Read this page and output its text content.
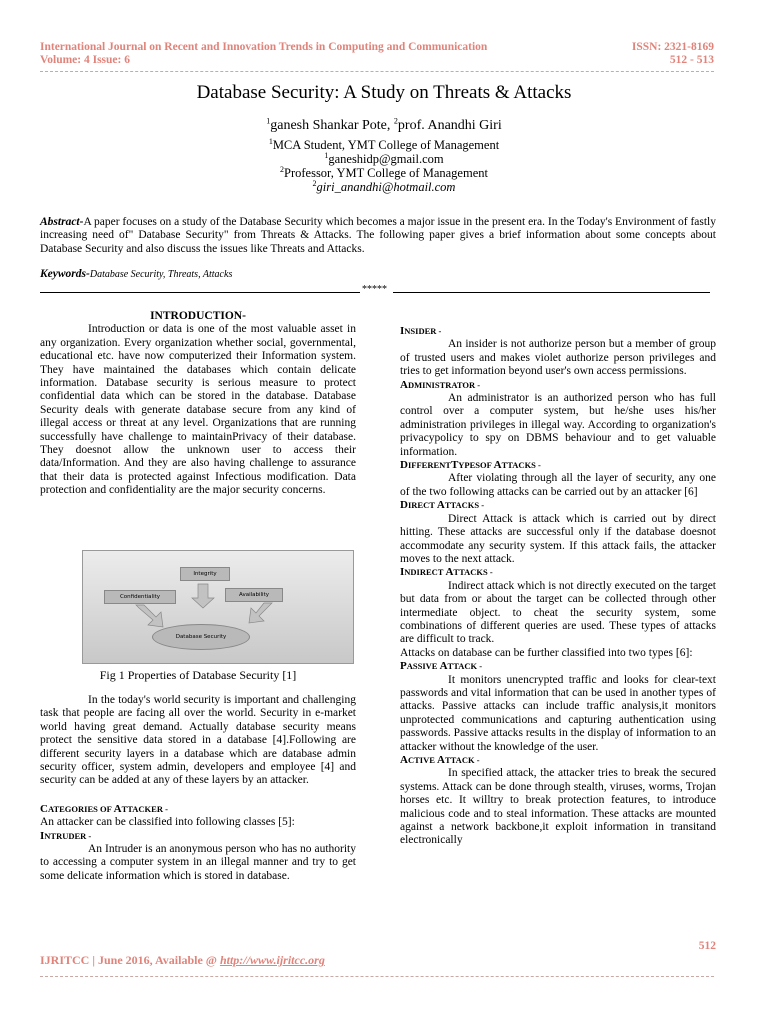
International Journal on Recent and Innovation Trends in Computing and Communication	ISSN: 2321-8169
Volume: 4 Issue: 6	512 - 513
Database Security: A Study on Threats & Attacks
$^1$ganesh Shankar Pote, $^2$prof. Anandhi Giri
$^1$MCA Student, YMT College of Management
$^1$ganeshidp@gmail.com
$^2$Professor, YMT College of Management
$^2$giri_anandhi@hotmail.com
Abstract-A paper focuses on a study of the Database Security which becomes a major issue in the present era. In the Today's Environment of fastly increasing need of" Database Security" from Threats & Attacks. The following paper gives a brief information about some concepts about Database Security and also discuss the issues like Threats and Attacks.
Keywords-Database Security, Threats, Attacks
*****

INTRODUCTION-

Introduction or data is one of the most valuable asset in any organization. Every organization whether social, governmental, educational etc. have now computerized their Information system. They have maintained the databases which contain delicate information. Database security is serious measure to protect confidential data which can be stored in the database. Database Security deals with generate database secure from any kind of illegal access or threat at any level. Organizations that are running successfully have challenge to maintainPrivacy of their database. They doesnot allow the unknown user to access their data/Information. And they are also having challenge to assurance that their data is protected against Infectious modification. Data protection and confidentiality are the major security concerns.

Integrity
Confidentiality	Availability
Database Security
Fig 1 Properties of Database Security [1]

In the today's world security is important and challenging task that people are facing all over the world. Security in e-market world having great demand. Actually database security means protect the sensitive data stored in a database [4].Following are different security layers in a database which are database admin security officer, system admin, developers and employee [4] and security can be added at any of these layers by an attacker.

CATEGORIES OF ATTACKER -

An attacker can be classified into following classes [5]:

INTRUDER -

An Intruder is an anonymous person who has no authority to accessing a computer system in an illegal manner and try to get some delicate information which is stored in database.

INSIDER -

An insider is not authorize person but a member of group of trusted users and makes violet authorize person privileges and tries to get information beyond user's own access permissions.

ADMINISTRATOR -

An administrator is an authorized person who has full control over a computer system, but he/she uses his/her administration privileges in illegal way. According to organization's privacypolicy to spy on DBMS behaviour and to get valuable information.

DIFFERENTTYPESOF ATTACKS -

After violating through all the layer of security, any one of the two following attacks can be carried out by an attacker [6]

DIRECT ATTACKS -

Direct Attack is attack which is carried out by direct hitting. These attacks are successful only if the database doesnot accommodate any security system. If this attack fails, the attacker moves to the next attack.

INDIRECT ATTACKS -

Indirect attack which is not directly executed on the target but data from or about the target can be collected through other intermediate object. to cheat the security system, some combinations of different queries are used. These types of attacks are difficult to track.

Attacks on database can be further classified into two types [6]:

PASSIVE ATTACK -

It monitors unencrypted traffic and looks for clear-text passwords and vital information that can be used in another types of attacks. Passive attacks can include traffic analysis,it monitors unprotected communications and capturing authentication using passwords. Passive attacks results in the display of information to an attacker without the knowledge of the user.

ACTIVE ATTACK -

In specified attack, the attacker tries to break the secured systems. Attack can be done through stealth, viruses, worms, Trojan horses etc. It willtry to break protection features, to introduce malicious code and to steal information. These attacks are mounted against a network backbone,it exploit information in transitand electronically

512
IJRITCC | June 2016, Available @ http://www.ijritcc.org
